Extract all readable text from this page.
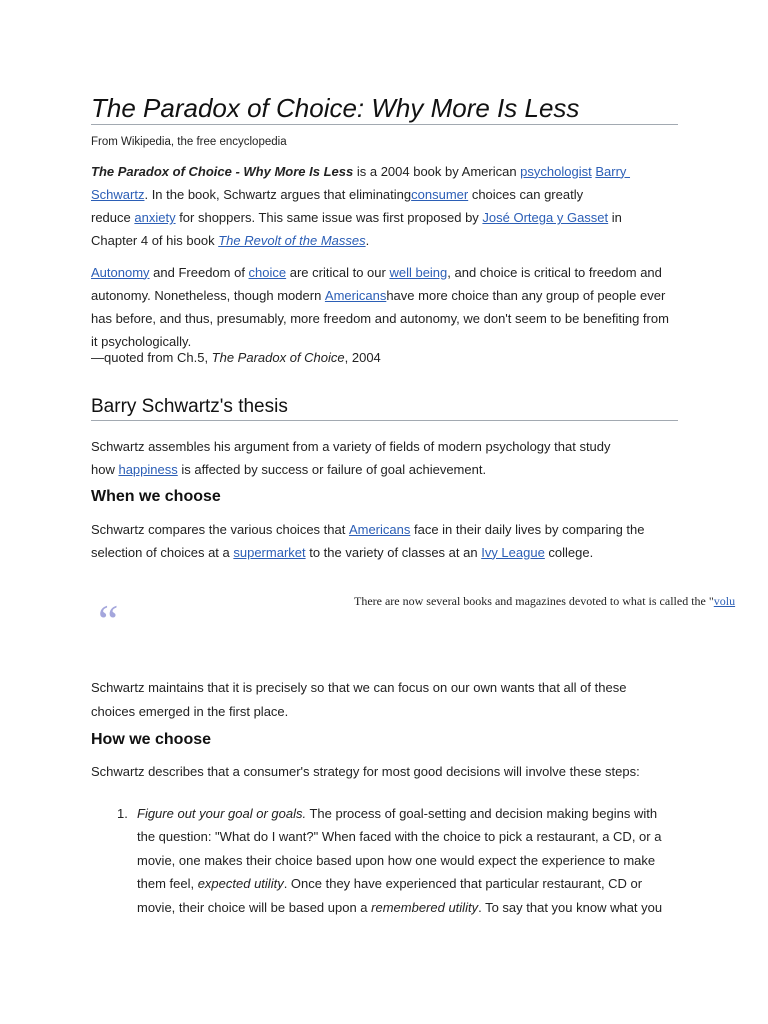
The Paradox of Choice: Why More Is Less
From Wikipedia, the free encyclopedia
The Paradox of Choice - Why More Is Less is a 2004 book by American psychologist
Barry
Schwartz . In the book, Schwartz argues that eliminating consumer choices can greatly
reduce anxiety for shoppers. This same issue was first proposed by José Ortega y Gasset in
Chapter 4 of his book The Revolt of the Masses .
Autonomy and Freedom of choice are critical to our well being , and choice is critical to freedom and
autonomy. Nonetheless, though modern Americans have more choice than any group of people ever
has before, and thus, presumably, more freedom and autonomy, we don't seem to be benefiting from
it psychologically.
—quoted from Ch.5, The Paradox of Choice , 2004
Barry Schwartz's thesis
Schwartz assembles his argument from a variety of fields of modern psychology that study
how happiness is affected by success or failure of goal achievement.
When we choose
Schwartz compares the various choices that Americans face in their daily lives by comparing the
selection of choices at a supermarket to the variety of classes at an Ivy League college.
“	There are now several books and magazines devoted to what is called the " volu
Schwartz maintains that it is precisely so that we can focus on our own wants that all of these
choices emerged in the first place.
How we choose
Schwartz describes that a consumer's strategy for most good decisions will involve these steps:
1. Figure out your goal or goals. The process of goal-setting and decision making begins with
the question: "What do I want?" When faced with the choice to pick a restaurant, a CD, or a
movie, one makes their choice based upon how one would expect the experience to make
them feel, expected utility . Once they have experienced that particular restaurant, CD or
movie, their choice will be based upon a remembered utility . To say that you know what you
